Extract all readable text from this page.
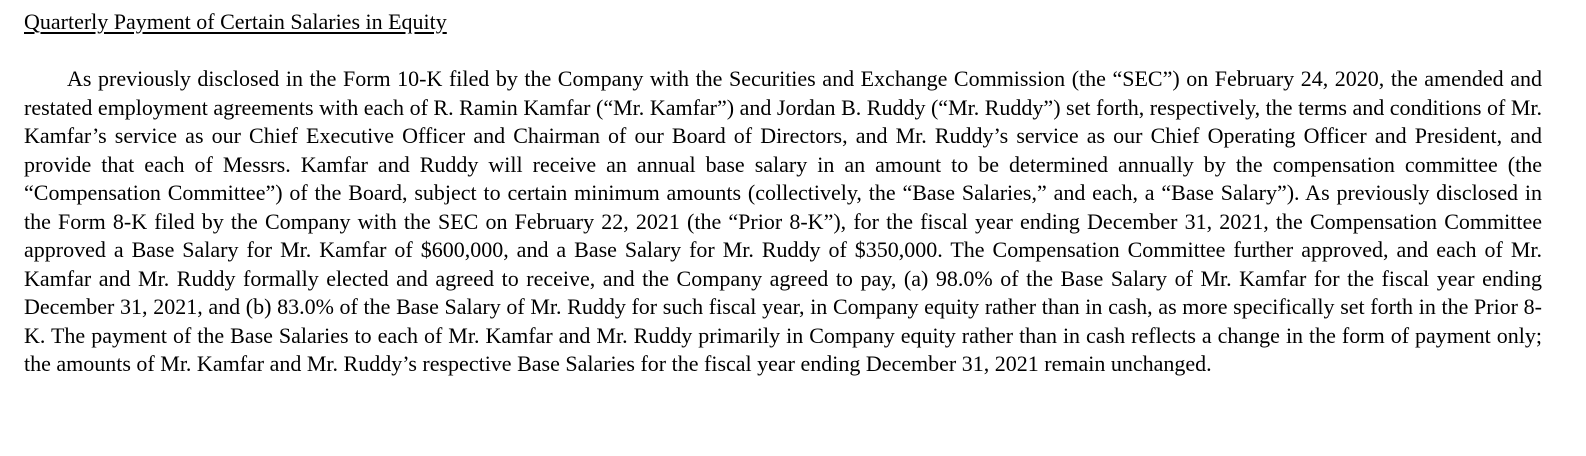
Quarterly Payment of Certain Salaries in Equity

As previously disclosed in the Form 10-K filed by the Company with the Securities and Exchange Commission (the “SEC”) on February 24, 2020, the amended and restated employment agreements with each of R. Ramin Kamfar (“Mr. Kamfar”) and Jordan B. Ruddy (“Mr. Ruddy”) set forth, respectively, the terms and conditions of Mr. Kamfar’s service as our Chief Executive Officer and Chairman of our Board of Directors, and Mr. Ruddy’s service as our Chief Operating Officer and President, and provide that each of Messrs. Kamfar and Ruddy will receive an annual base salary in an amount to be determined annually by the compensation committee (the “Compensation Committee”) of the Board, subject to certain minimum amounts (collectively, the “Base Salaries,” and each, a “Base Salary”). As previously disclosed in the Form 8-K filed by the Company with the SEC on February 22, 2021 (the “Prior 8-K”), for the fiscal year ending December 31, 2021, the Compensation Committee approved a Base Salary for Mr. Kamfar of $600,000, and a Base Salary for Mr. Ruddy of $350,000. The Compensation Committee further approved, and each of Mr. Kamfar and Mr. Ruddy formally elected and agreed to receive, and the Company agreed to pay, (a) 98.0% of the Base Salary of Mr. Kamfar for the fiscal year ending December 31, 2021, and (b) 83.0% of the Base Salary of Mr. Ruddy for such fiscal year, in Company equity rather than in cash, as more specifically set forth in the Prior 8-K. The payment of the Base Salaries to each of Mr. Kamfar and Mr. Ruddy primarily in Company equity rather than in cash reflects a change in the form of payment only; the amounts of Mr. Kamfar and Mr. Ruddy’s respective Base Salaries for the fiscal year ending December 31, 2021 remain unchanged.
